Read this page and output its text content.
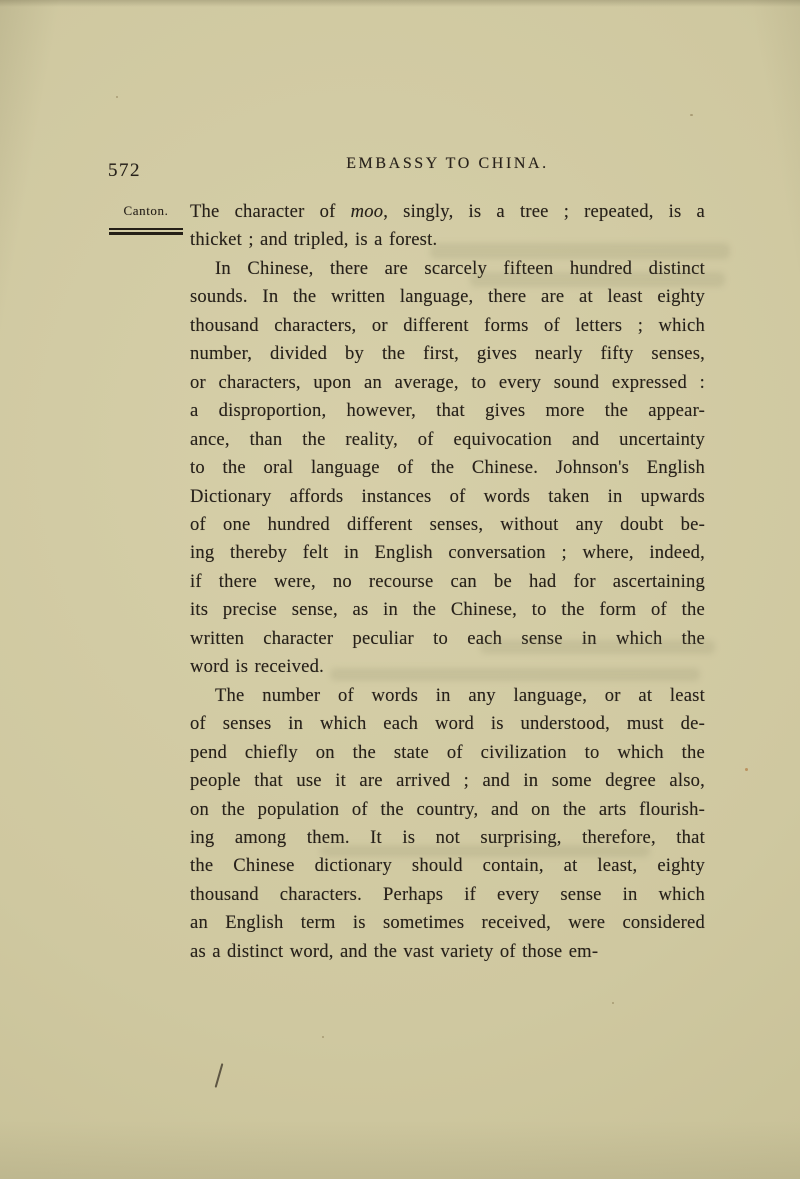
572	EMBASSY TO CHINA.
Canton.	The character of moo, singly, is a tree ; repeated, is a
thicket ; and tripled, is a forest.
In Chinese, there are scarcely fifteen hundred distinct
sounds. In the written language, there are at least eighty
thousand characters, or different forms of letters ; which
number, divided by the first, gives nearly fifty senses,
or characters, upon an average, to every sound expressed :
a disproportion, however, that gives more the appear-
ance, than the reality, of equivocation and uncertainty
to the oral language of the Chinese. Johnson's English
Dictionary affords instances of words taken in upwards
of one hundred different senses, without any doubt be-
ing thereby felt in English conversation ; where, indeed,
if there were, no recourse can be had for ascertaining
its precise sense, as in the Chinese, to the form of the
written character peculiar to each sense in which the
word is received.
The number of words in any language, or at least
of senses in which each word is understood, must de-
pend chiefly on the state of civilization to which the
people that use it are arrived ; and in some degree also,
on the population of the country, and on the arts flourish-
ing among them. It is not surprising, therefore, that
the Chinese dictionary should contain, at least, eighty
thousand characters. Perhaps if every sense in which
an English term is sometimes received, were considered
as a distinct word, and the vast variety of those em-
